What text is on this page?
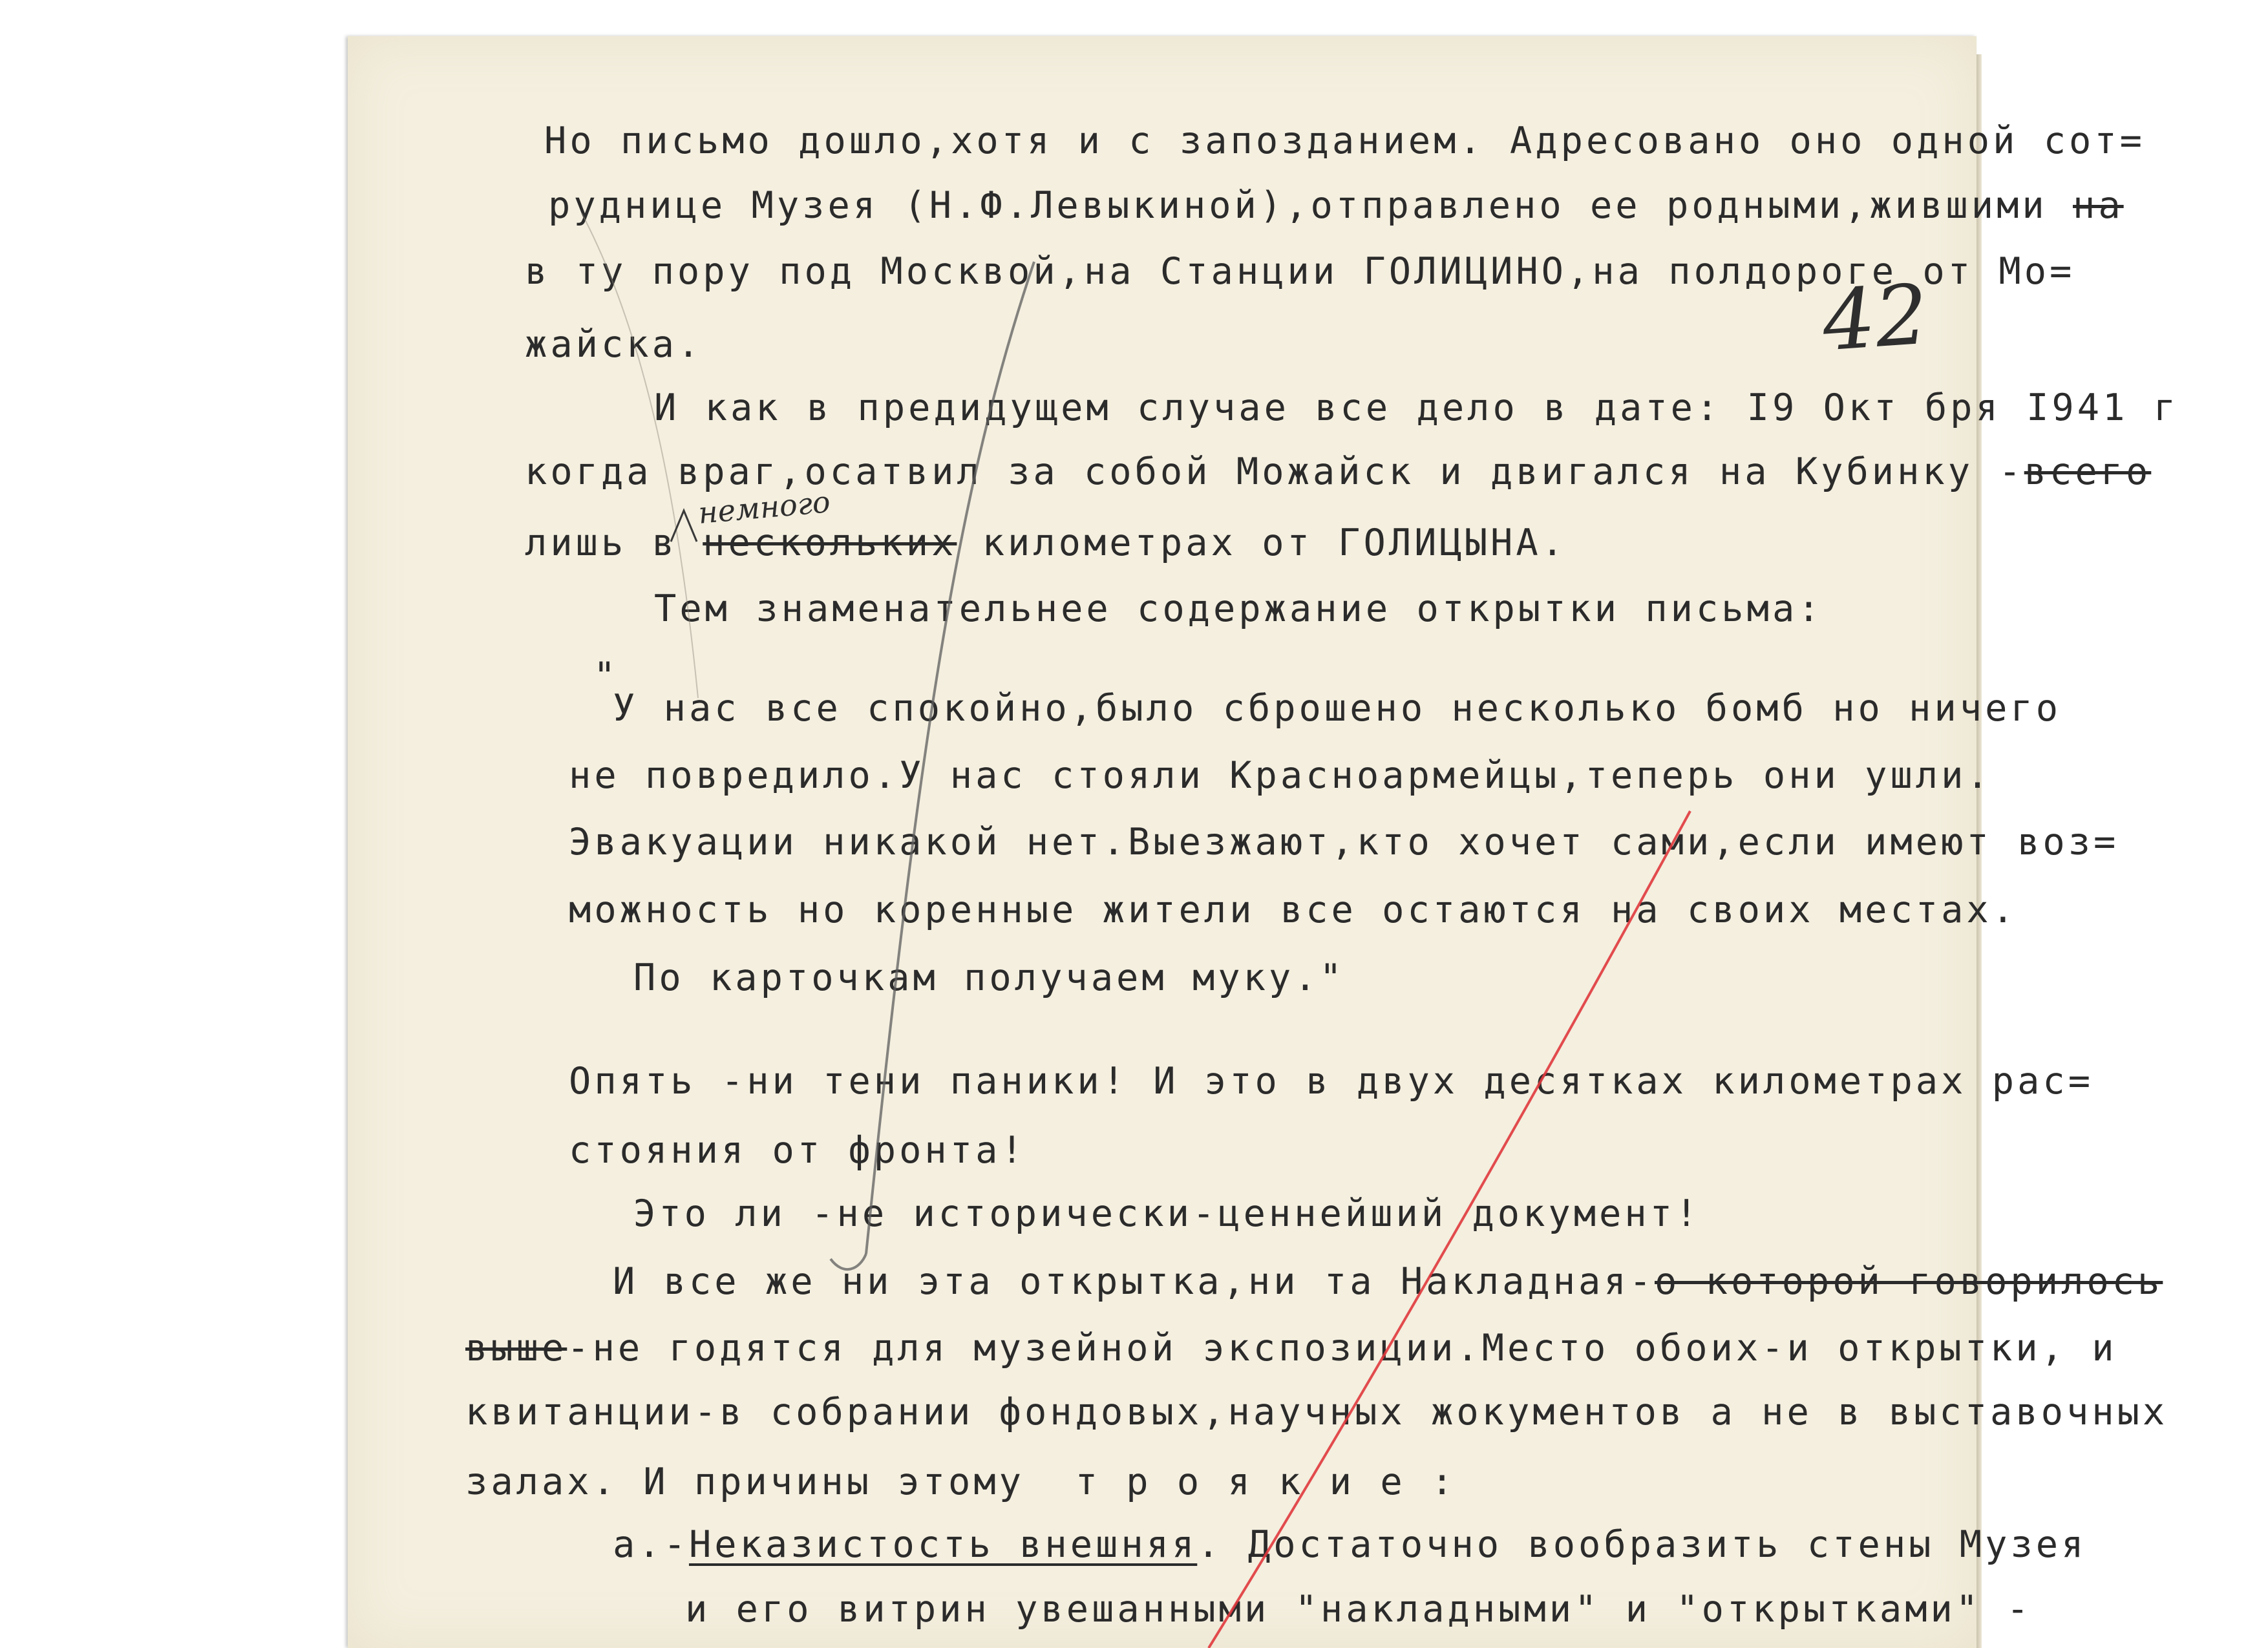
Но письмо дошло,хотя и с запозданием. Адресовано оно одной сот=
руднице Музея (Н.Ф.Левыкиной),отправлено ее родными,жившими на
в ту пору под Москвой,на Станции ГОЛИЦИНО,на полдороге от Мо=
жайска.
И как в предидущем случае все дело в дате: I9 Окт бря I941 г
когда враг,осатвил за собой Можайск и двигался на Кубинку -всего
немного
лишь в нескольких километрах от ГОЛИЦЫНА.
Тем знаменательнее содержание открытки письма:
"
У нас все спокойно,было сброшено несколько бомб но ничего
не повредило.У нас стояли Красноармейцы,теперь они ушли.
Эвакуации никакой нет.Выезжают,кто хочет сами,если имеют воз=
можность но коренные жители все остаются на своих местах.
По карточкам получаем муку."
Опять -ни тени паники! И это в двух десятках километрах рас=
стояния от фронта!
Это ли -не исторически-ценнейший документ!
И все же ни эта открытка,ни та Накладная-о которой говорилось
выше-не годятся для музейной экспозиции.Место обоих-и открытки, и
квитанции-в собрании фондовых,научных жокументов а не в выставочных
залах. И причины этому  т р о я к и е :
а.-Неказистость внешняя. Достаточно вообразить стены Музея
и его витрин увешанными "накладными" и "открытками" -
42
